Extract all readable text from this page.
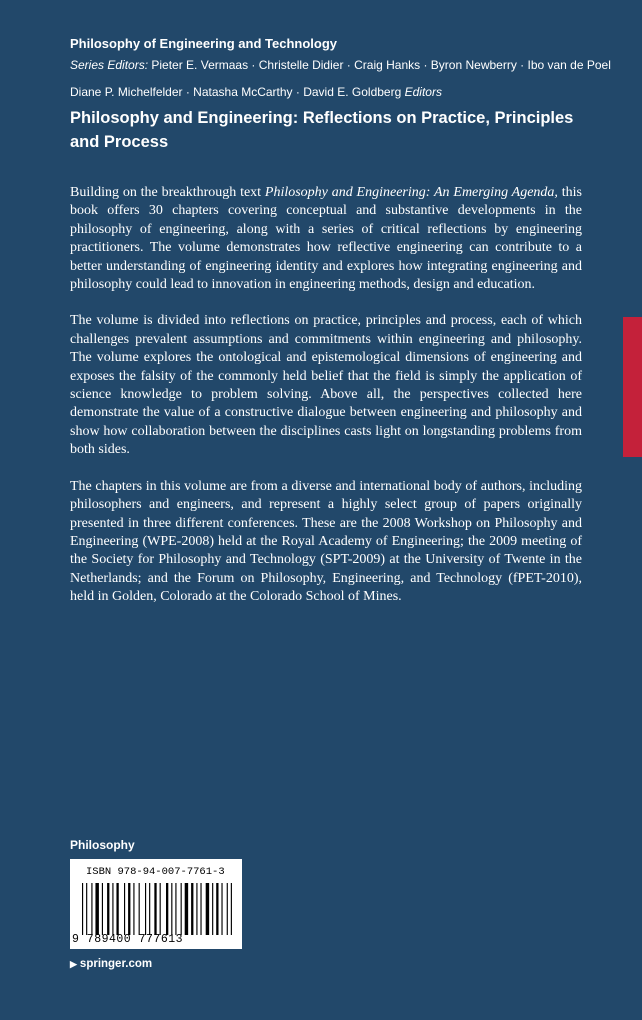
Philosophy of Engineering and Technology
Series Editors: Pieter E. Vermaas · Christelle Didier · Craig Hanks · Byron Newberry · Ibo van de Poel
Diane P. Michelfelder · Natasha McCarthy · David E. Goldberg Editors
Philosophy and Engineering: Reflections on Practice, Principles and Process

Building on the breakthrough text Philosophy and Engineering: An Emerging Agenda, this book offers 30 chapters covering conceptual and substantive developments in the philosophy of engineering, along with a series of critical reflections by engineering practitioners. The volume demonstrates how reflective engineering can contribute to a better understanding of engineering identity and explores how integrating engineering and philosophy could lead to innovation in engineering methods, design and education.

The volume is divided into reflections on practice, principles and process, each of which challenges prevalent assumptions and commitments within engineering and philosophy. The volume explores the ontological and epistemological dimensions of engineering and exposes the falsity of the commonly held belief that the field is simply the application of science knowledge to problem solving. Above all, the perspectives collected here demonstrate the value of a constructive dialogue between engineering and philosophy and show how collaboration between the disciplines casts light on longstanding problems from both sides.

The chapters in this volume are from a diverse and international body of authors, including philosophers and engineers, and represent a highly select group of papers originally presented in three different conferences. These are the 2008 Workshop on Philosophy and Engineering (WPE-2008) held at the Royal Academy of Engineering; the 2009 meeting of the Society for Philosophy and Technology (SPT-2009) at the University of Twente in the Netherlands; and the Forum on Philosophy, Engineering, and Technology (fPET-2010), held in Golden, Colorado at the Colorado School of Mines.

Philosophy
ISBN 978-94-007-7761-3
9 789400 777613
▶ springer.com
